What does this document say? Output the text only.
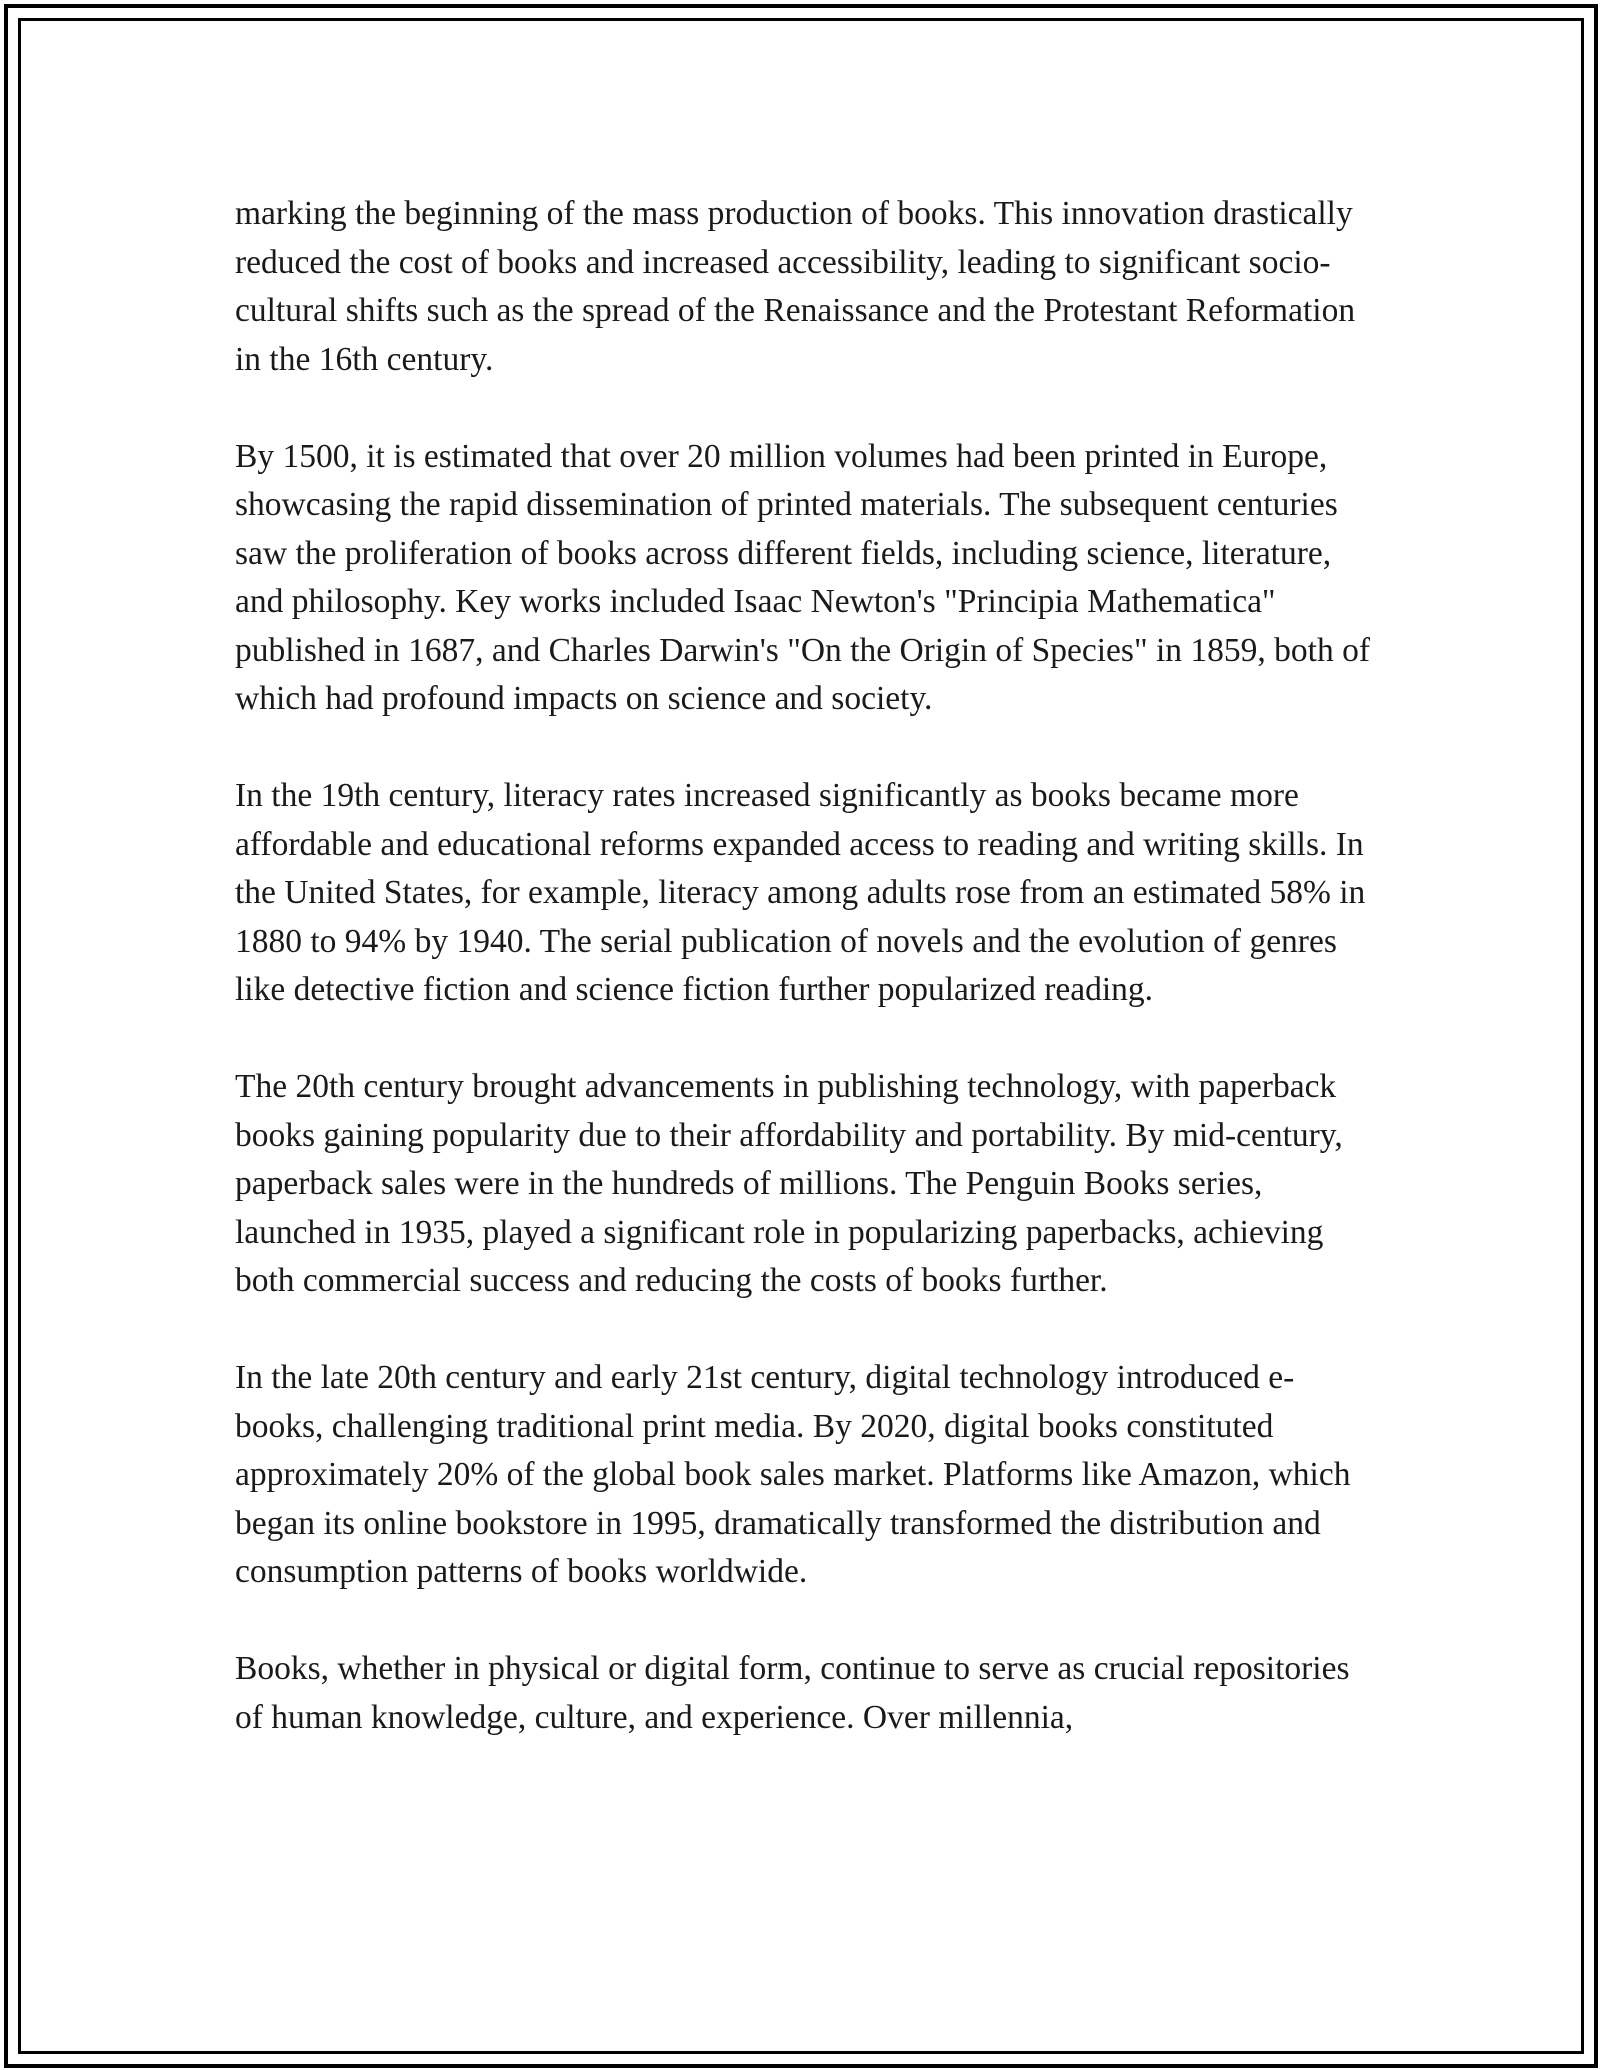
marking the beginning of the mass production of books. This innovation drastically reduced the cost of books and increased accessibility, leading to significant socio-cultural shifts such as the spread of the Renaissance and the Protestant Reformation in the 16th century.

By 1500, it is estimated that over 20 million volumes had been printed in Europe, showcasing the rapid dissemination of printed materials. The subsequent centuries saw the proliferation of books across different fields, including science, literature, and philosophy. Key works included Isaac Newton's "Principia Mathematica" published in 1687, and Charles Darwin's "On the Origin of Species" in 1859, both of which had profound impacts on science and society.

In the 19th century, literacy rates increased significantly as books became more affordable and educational reforms expanded access to reading and writing skills. In the United States, for example, literacy among adults rose from an estimated 58% in 1880 to 94% by 1940. The serial publication of novels and the evolution of genres like detective fiction and science fiction further popularized reading.

The 20th century brought advancements in publishing technology, with paperback books gaining popularity due to their affordability and portability. By mid-century, paperback sales were in the hundreds of millions. The Penguin Books series, launched in 1935, played a significant role in popularizing paperbacks, achieving both commercial success and reducing the costs of books further.

In the late 20th century and early 21st century, digital technology introduced e-books, challenging traditional print media. By 2020, digital books constituted approximately 20% of the global book sales market. Platforms like Amazon, which began its online bookstore in 1995, dramatically transformed the distribution and consumption patterns of books worldwide.

Books, whether in physical or digital form, continue to serve as crucial repositories of human knowledge, culture, and experience. Over millennia,
